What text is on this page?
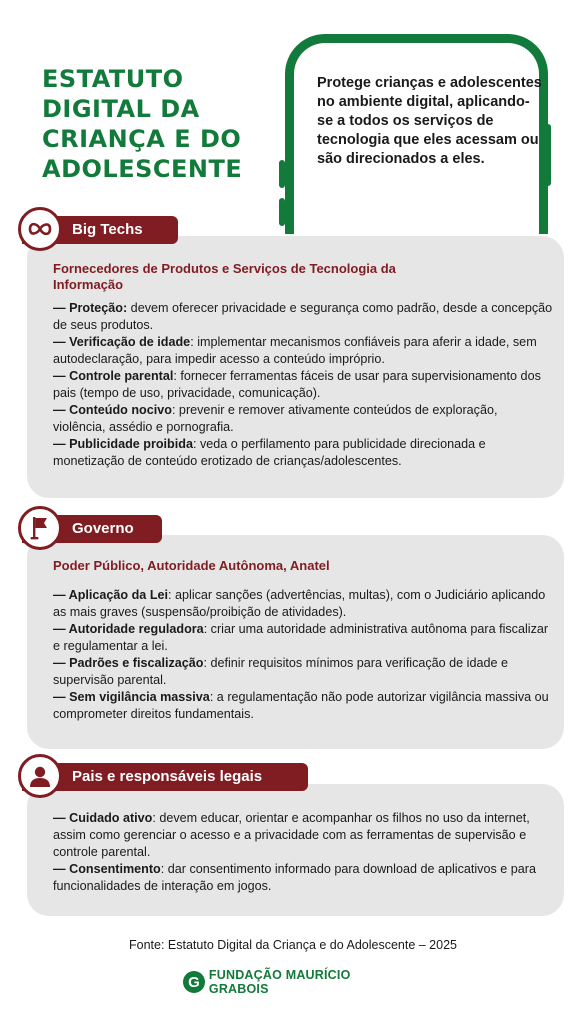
ESTATUTO
DIGITAL DA
CRIANÇA E DO
ADOLESCENTE
Protege crianças e adolescentes no ambiente digital, aplicando-se a todos os serviços de tecnologia que eles acessam ou são direcionados a eles.
Big Techs
Fornecedores de Produtos e Serviços de Tecnologia da Informação

— Proteção: devem oferecer privacidade e segurança como padrão, desde a concepção de seus produtos.

— Verificação de idade: implementar mecanismos confiáveis para aferir a idade, sem autodeclaração, para impedir acesso a conteúdo impróprio.

— Controle parental: fornecer ferramentas fáceis de usar para supervisionamento dos pais (tempo de uso, privacidade, comunicação).

— Conteúdo nocivo: prevenir e remover ativamente conteúdos de exploração, violência, assédio e pornografia.

— Publicidade proibida: veda o perfilamento para publicidade direcionada e monetização de conteúdo erotizado de crianças/adolescentes.

Governo
Poder Público, Autoridade Autônoma, Anatel

— Aplicação da Lei: aplicar sanções (advertências, multas), com o Judiciário aplicando as mais graves (suspensão/proibição de atividades).

— Autoridade reguladora: criar uma autoridade administrativa autônoma para fiscalizar e regulamentar a lei.

— Padrões e fiscalização: definir requisitos mínimos para verificação de idade e supervisão parental.

— Sem vigilância massiva: a regulamentação não pode autorizar vigilância massiva ou comprometer direitos fundamentais.

Pais e responsáveis legais

— Cuidado ativo: devem educar, orientar e acompanhar os filhos no uso da internet, assim como gerenciar o acesso e a privacidade com as ferramentas de supervisão e controle parental.

— Consentimento: dar consentimento informado para download de aplicativos e para funcionalidades de interação em jogos.

Fonte: Estatuto Digital da Criança e do Adolescente – 2025
G FUNDAÇÃO MAURÍCIO GRABOIS
